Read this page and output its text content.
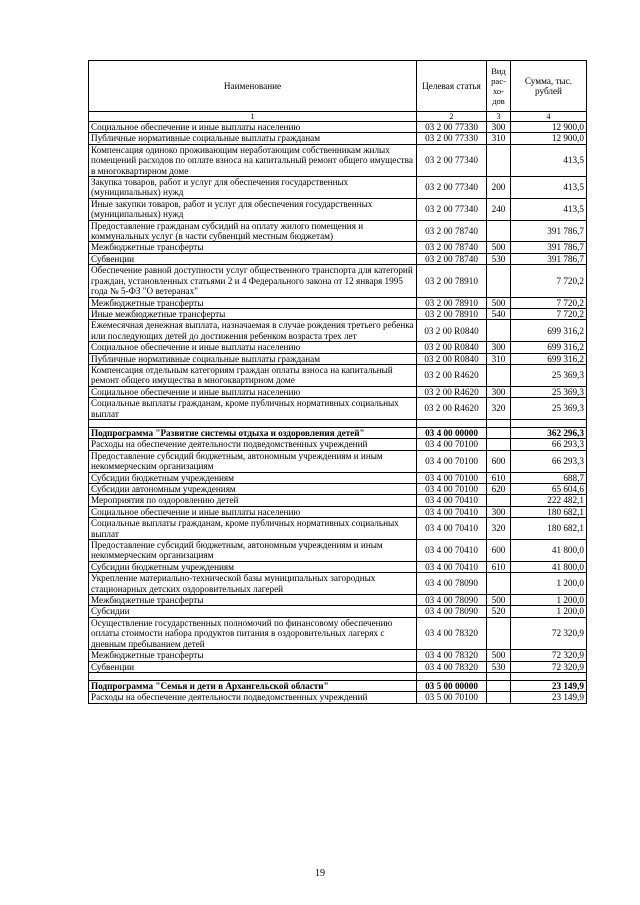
Наименование	Целевая статья	Вид рас-хо-дов	Сумма, тыс. рублей
1	2	3	4
Социальное обеспечение и иные выплаты населению	03 2 00 77330	300	12 900,0
Публичные нормативные социальные выплаты гражданам	03 2 00 77330	310	12 900,0
Компенсация одиноко проживающим неработающим собственникам жилых помещений расходов по оплате взноса на капитальный ремонт общего имущества в многоквартирном доме	03 2 00 77340		413,5
Закупка товаров, работ и услуг для обеспечения государственных (муниципальных) нужд	03 2 00 77340	200	413,5
Иные закупки товаров, работ и услуг для обеспечения государственных (муниципальных) нужд	03 2 00 77340	240	413,5
Предоставление гражданам субсидий на оплату жилого помещения и коммунальных услуг (в части субвенций местным бюджетам)	03 2 00 78740		391 786,7
Межбюджетные трансферты	03 2 00 78740	500	391 786,7
Субвенции	03 2 00 78740	530	391 786,7
Обеспечение равной доступности услуг общественного транспорта для категорий граждан, установленных статьями 2 и 4 Федерального закона от 12 января 1995 года № 5-ФЗ "О ветеранах"	03 2 00 78910		7 720,2
Межбюджетные трансферты	03 2 00 78910	500	7 720,2
Иные межбюджетные трансферты	03 2 00 78910	540	7 720,2
Ежемесячная денежная выплата, назначаемая в случае рождения третьего ребенка или последующих детей до достижения ребенком возраста трех лет	03 2 00 R0840		699 316,2
Социальное обеспечение и иные выплаты населению	03 2 00 R0840	300	699 316,2
Публичные нормативные социальные выплаты гражданам	03 2 00 R0840	310	699 316,2
Компенсация отдельным категориям граждан оплаты взноса на капитальный ремонт общего имущества в многоквартирном доме	03 2 00 R4620		25 369,3
Социальное обеспечение и иные выплаты населению	03 2 00 R4620	300	25 369,3
Социальные выплаты гражданам, кроме публичных нормативных социальных выплат	03 2 00 R4620	320	25 369,3

Подпрограмма "Развитие системы отдыха и оздоровления детей"	03 4 00 00000		362 296,3
Расходы на обеспечение деятельности подведомственных учреждений	03 4 00 70100		66 293,3
Предоставление субсидий бюджетным, автономным учреждениям и иным некоммерческим организациям	03 4 00 70100	600	66 293,3
Субсидии бюджетным учреждениям	03 4 00 70100	610	688,7
Субсидии автономным учреждениям	03 4 00 70100	620	65 604,6
Мероприятия по оздоровлению детей	03 4 00 70410		222 482,1
Социальное обеспечение и иные выплаты населению	03 4 00 70410	300	180 682,1
Социальные выплаты гражданам, кроме публичных нормативных социальных выплат	03 4 00 70410	320	180 682,1
Предоставление субсидий бюджетным, автономным учреждениям и иным некоммерческим организациям	03 4 00 70410	600	41 800,0
Субсидии бюджетным учреждениям	03 4 00 70410	610	41 800,0
Укрепление материально-технической базы муниципальных загородных стационарных детских оздоровительных лагерей	03 4 00 78090		1 200,0
Межбюджетные трансферты	03 4 00 78090	500	1 200,0
Субсидии	03 4 00 78090	520	1 200,0
Осуществление государственных полномочий по финансовому обеспечению оплаты стоимости набора продуктов питания в оздоровительных лагерях с дневным пребыванием детей	03 4 00 78320		72 320,9
Межбюджетные трансферты	03 4 00 78320	500	72 320,9
Субвенции	03 4 00 78320	530	72 320,9

Подпрограмма "Семья и дети в Архангельской области"	03 5 00 00000		23 149,9
Расходы на обеспечение деятельности подведомственных учреждений	03 5 00 70100		23 149,9
19
